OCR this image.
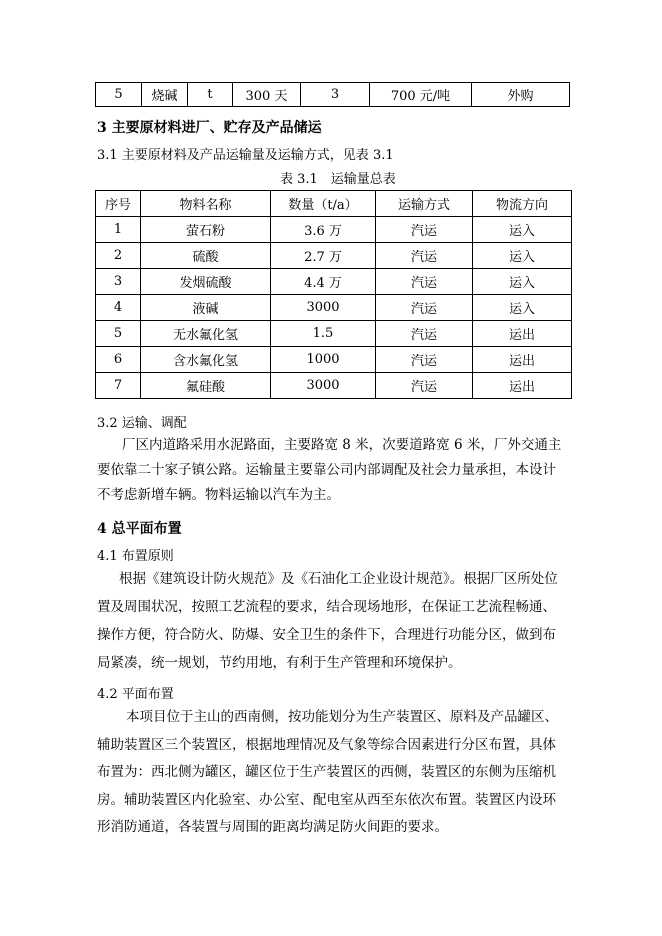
5	烧碱	t	300 天	3	700 元/吨	外购
3 主要原材料进厂、贮存及产品储运
3.1 主要原材料及产品运输量及运输方式，见表 3.1
表 3.1　运输量总表
序号	物料名称	数量（t/a）	运输方式	物流方向
1	萤石粉	3.6 万	汽运	运入
2	硫酸	2.7 万	汽运	运入
3	发烟硫酸	4.4 万	汽运	运入
4	液碱	3000	汽运	运入
5	无水氟化氢	1.5	汽运	运出
6	含水氟化氢	1000	汽运	运出
7	氟硅酸	3000	汽运	运出
3.2 运输、调配
厂区内道路采用水泥路面，主要路宽 8 米，次要道路宽 6 米，厂外交通主
要依靠二十家子镇公路。运输量主要靠公司内部调配及社会力量承担，本设计
不考虑新增车辆。物料运输以汽车为主。
4 总平面布置
4.1 布置原则
根据《建筑设计防火规范》及《石油化工企业设计规范》。根据厂区所处位
置及周围状况，按照工艺流程的要求，结合现场地形，在保证工艺流程畅通、
操作方便，符合防火、防爆、安全卫生的条件下，合理进行功能分区，做到布
局紧凑，统一规划，节约用地，有利于生产管理和环境保护。
4.2 平面布置
本项目位于主山的西南侧，按功能划分为生产装置区、原料及产品罐区、
辅助装置区三个装置区，根据地理情况及气象等综合因素进行分区布置，具体
布置为：西北侧为罐区，罐区位于生产装置区的西侧，装置区的东侧为压缩机
房。辅助装置区内化验室、办公室、配电室从西至东依次布置。装置区内设环
形消防通道，各装置与周围的距离均满足防火间距的要求。
